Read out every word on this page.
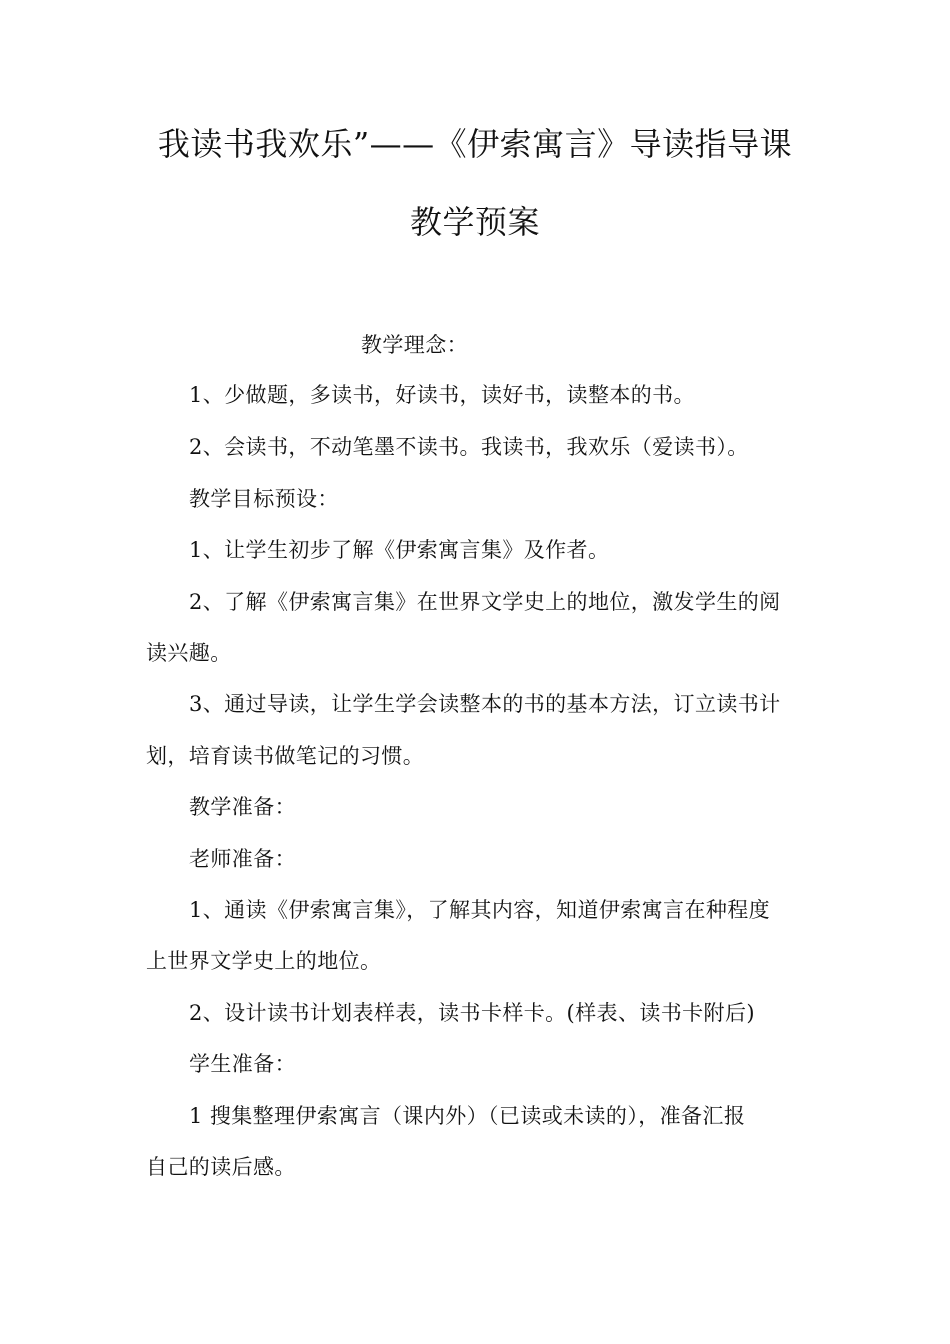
我读书我欢乐”——《伊索寓言》导读指导课
教学预案
教学理念：
1、少做题，多读书，好读书，读好书，读整本的书。
2、会读书，不动笔墨不读书。我读书，我欢乐（爱读书）。
教学目标预设：
1、让学生初步了解《伊索寓言集》及作者。
2、了解《伊索寓言集》在世界文学史上的地位，激发学生的阅
读兴趣。
3、通过导读，让学生学会读整本的书的基本方法，订立读书计
划，培育读书做笔记的习惯。
教学准备：
老师准备：
1、通读《伊索寓言集》，了解其内容，知道伊索寓言在种程度
上世界文学史上的地位。
2、设计读书计划表样表，读书卡样卡。(样表、读书卡附后)
学生准备：
1 搜集整理伊索寓言（课内外）（已读或未读的），准备汇报
自己的读后感。
